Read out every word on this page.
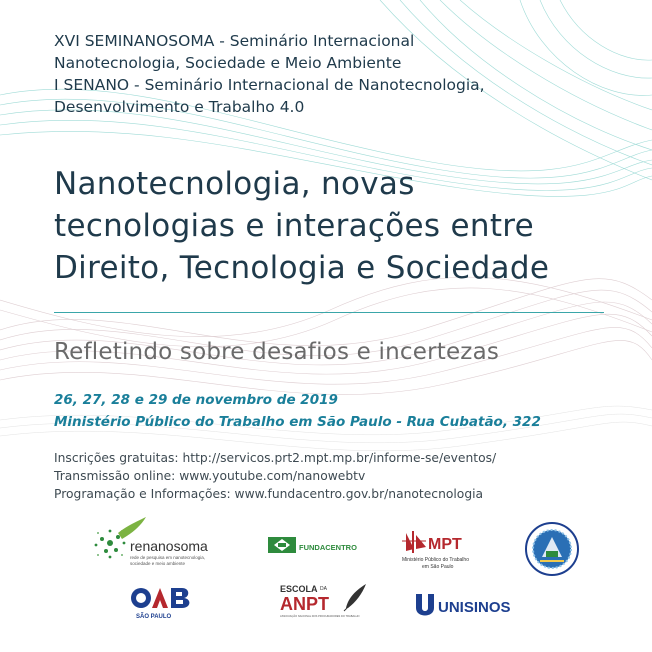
XVI SEMINANOSOMA - Seminário Internacional
Nanotecnologia, Sociedade e Meio Ambiente
I SENANO - Seminário Internacional de Nanotecnologia,
Desenvolvimento e Trabalho 4.0
Nanotecnologia, novas
tecnologias e interações entre
Direito, Tecnologia e Sociedade
Refletindo sobre desafios e incertezas
26, 27, 28 e 29 de novembro de 2019
Ministério Público do Trabalho em São Paulo - Rua Cubatão, 322
Inscrições gratuitas: http://servicos.prt2.mpt.mp.br/informe-se/eventos/
Transmissão online: www.youtube.com/nanowebtv
Programação e Informações: www.fundacentro.gov.br/nanotecnologia
renanosoma
rede de pesquisa em nanotecnologia,
sociedade e meio ambiente
FUNDACENTRO	MPT
Ministério Público do Trabalho
em São Paulo
SÃO PAULO
ESCOLA DA
ANPT
ASSOCIAÇÃO NACIONAL DOS PROCURADORES DO TRABALHO
UNISINOS
